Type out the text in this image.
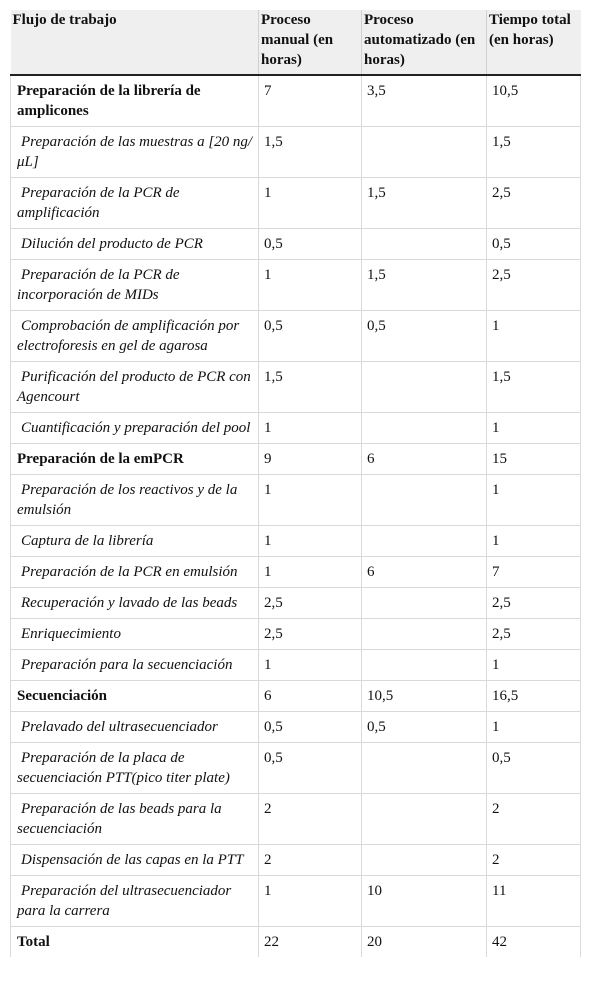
Flujo de trabajo	Proceso manual (en horas)	Proceso automatizado (en horas)	Tiempo total (en horas)
Preparación de la librería de amplicones	7	3,5	10,5
Preparación de las muestras a [20 ng/μL]	1,5		1,5
Preparación de la PCR de amplificación	1	1,5	2,5
Dilución del producto de PCR	0,5		0,5
Preparación de la PCR de incorporación de MIDs	1	1,5	2,5
Comprobación de amplificación por electroforesis en gel de agarosa	0,5	0,5	1
Purificación del producto de PCR con Agencourt	1,5		1,5
Cuantificación y preparación del pool	1		1
Preparación de la emPCR	9	6	15
Preparación de los reactivos y de la emulsión	1		1
Captura de la librería	1		1
Preparación de la PCR en emulsión	1	6	7
Recuperación y lavado de las beads	2,5		2,5
Enriquecimiento	2,5		2,5
Preparación para la secuenciación	1		1
Secuenciación	6	10,5	16,5
Prelavado del ultrasecuenciador	0,5	0,5	1
Preparación de la placa de secuenciación PTT(pico titer plate)	0,5		0,5
Preparación de las beads para la secuenciación	2		2
Dispensación de las capas en la PTT	2		2
Preparación del ultrasecuenciador para la carrera	1	10	11
Total	22	20	42
